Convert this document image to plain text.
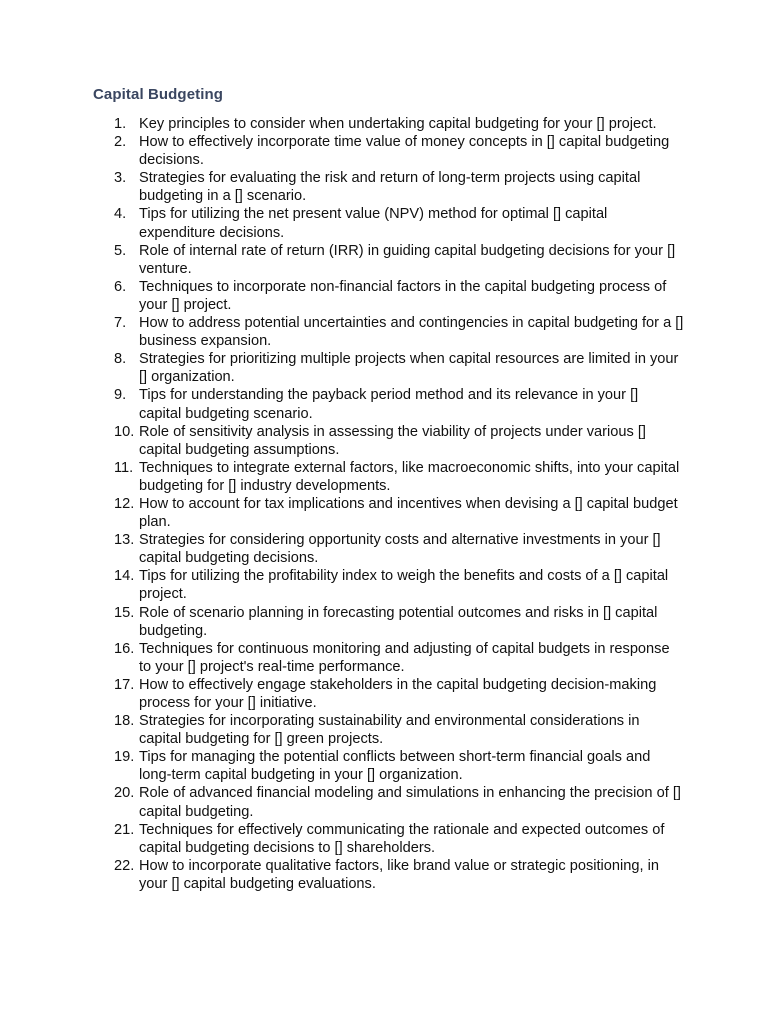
Capital Budgeting
1. Key principles to consider when undertaking capital budgeting for your [] project.
2. How to effectively incorporate time value of money concepts in [] capital budgeting decisions.
3. Strategies for evaluating the risk and return of long-term projects using capital budgeting in a [] scenario.
4. Tips for utilizing the net present value (NPV) method for optimal [] capital expenditure decisions.
5. Role of internal rate of return (IRR) in guiding capital budgeting decisions for your [] venture.
6. Techniques to incorporate non-financial factors in the capital budgeting process of your [] project.
7. How to address potential uncertainties and contingencies in capital budgeting for a [] business expansion.
8. Strategies for prioritizing multiple projects when capital resources are limited in your [] organization.
9. Tips for understanding the payback period method and its relevance in your [] capital budgeting scenario.
10. Role of sensitivity analysis in assessing the viability of projects under various [] capital budgeting assumptions.
11. Techniques to integrate external factors, like macroeconomic shifts, into your capital budgeting for [] industry developments.
12. How to account for tax implications and incentives when devising a [] capital budget plan.
13. Strategies for considering opportunity costs and alternative investments in your [] capital budgeting decisions.
14. Tips for utilizing the profitability index to weigh the benefits and costs of a [] capital project.
15. Role of scenario planning in forecasting potential outcomes and risks in [] capital budgeting.
16. Techniques for continuous monitoring and adjusting of capital budgets in response to your [] project's real-time performance.
17. How to effectively engage stakeholders in the capital budgeting decision-making process for your [] initiative.
18. Strategies for incorporating sustainability and environmental considerations in capital budgeting for [] green projects.
19. Tips for managing the potential conflicts between short-term financial goals and long-term capital budgeting in your [] organization.
20. Role of advanced financial modeling and simulations in enhancing the precision of [] capital budgeting.
21. Techniques for effectively communicating the rationale and expected outcomes of capital budgeting decisions to [] shareholders.
22. How to incorporate qualitative factors, like brand value or strategic positioning, in your [] capital budgeting evaluations.
